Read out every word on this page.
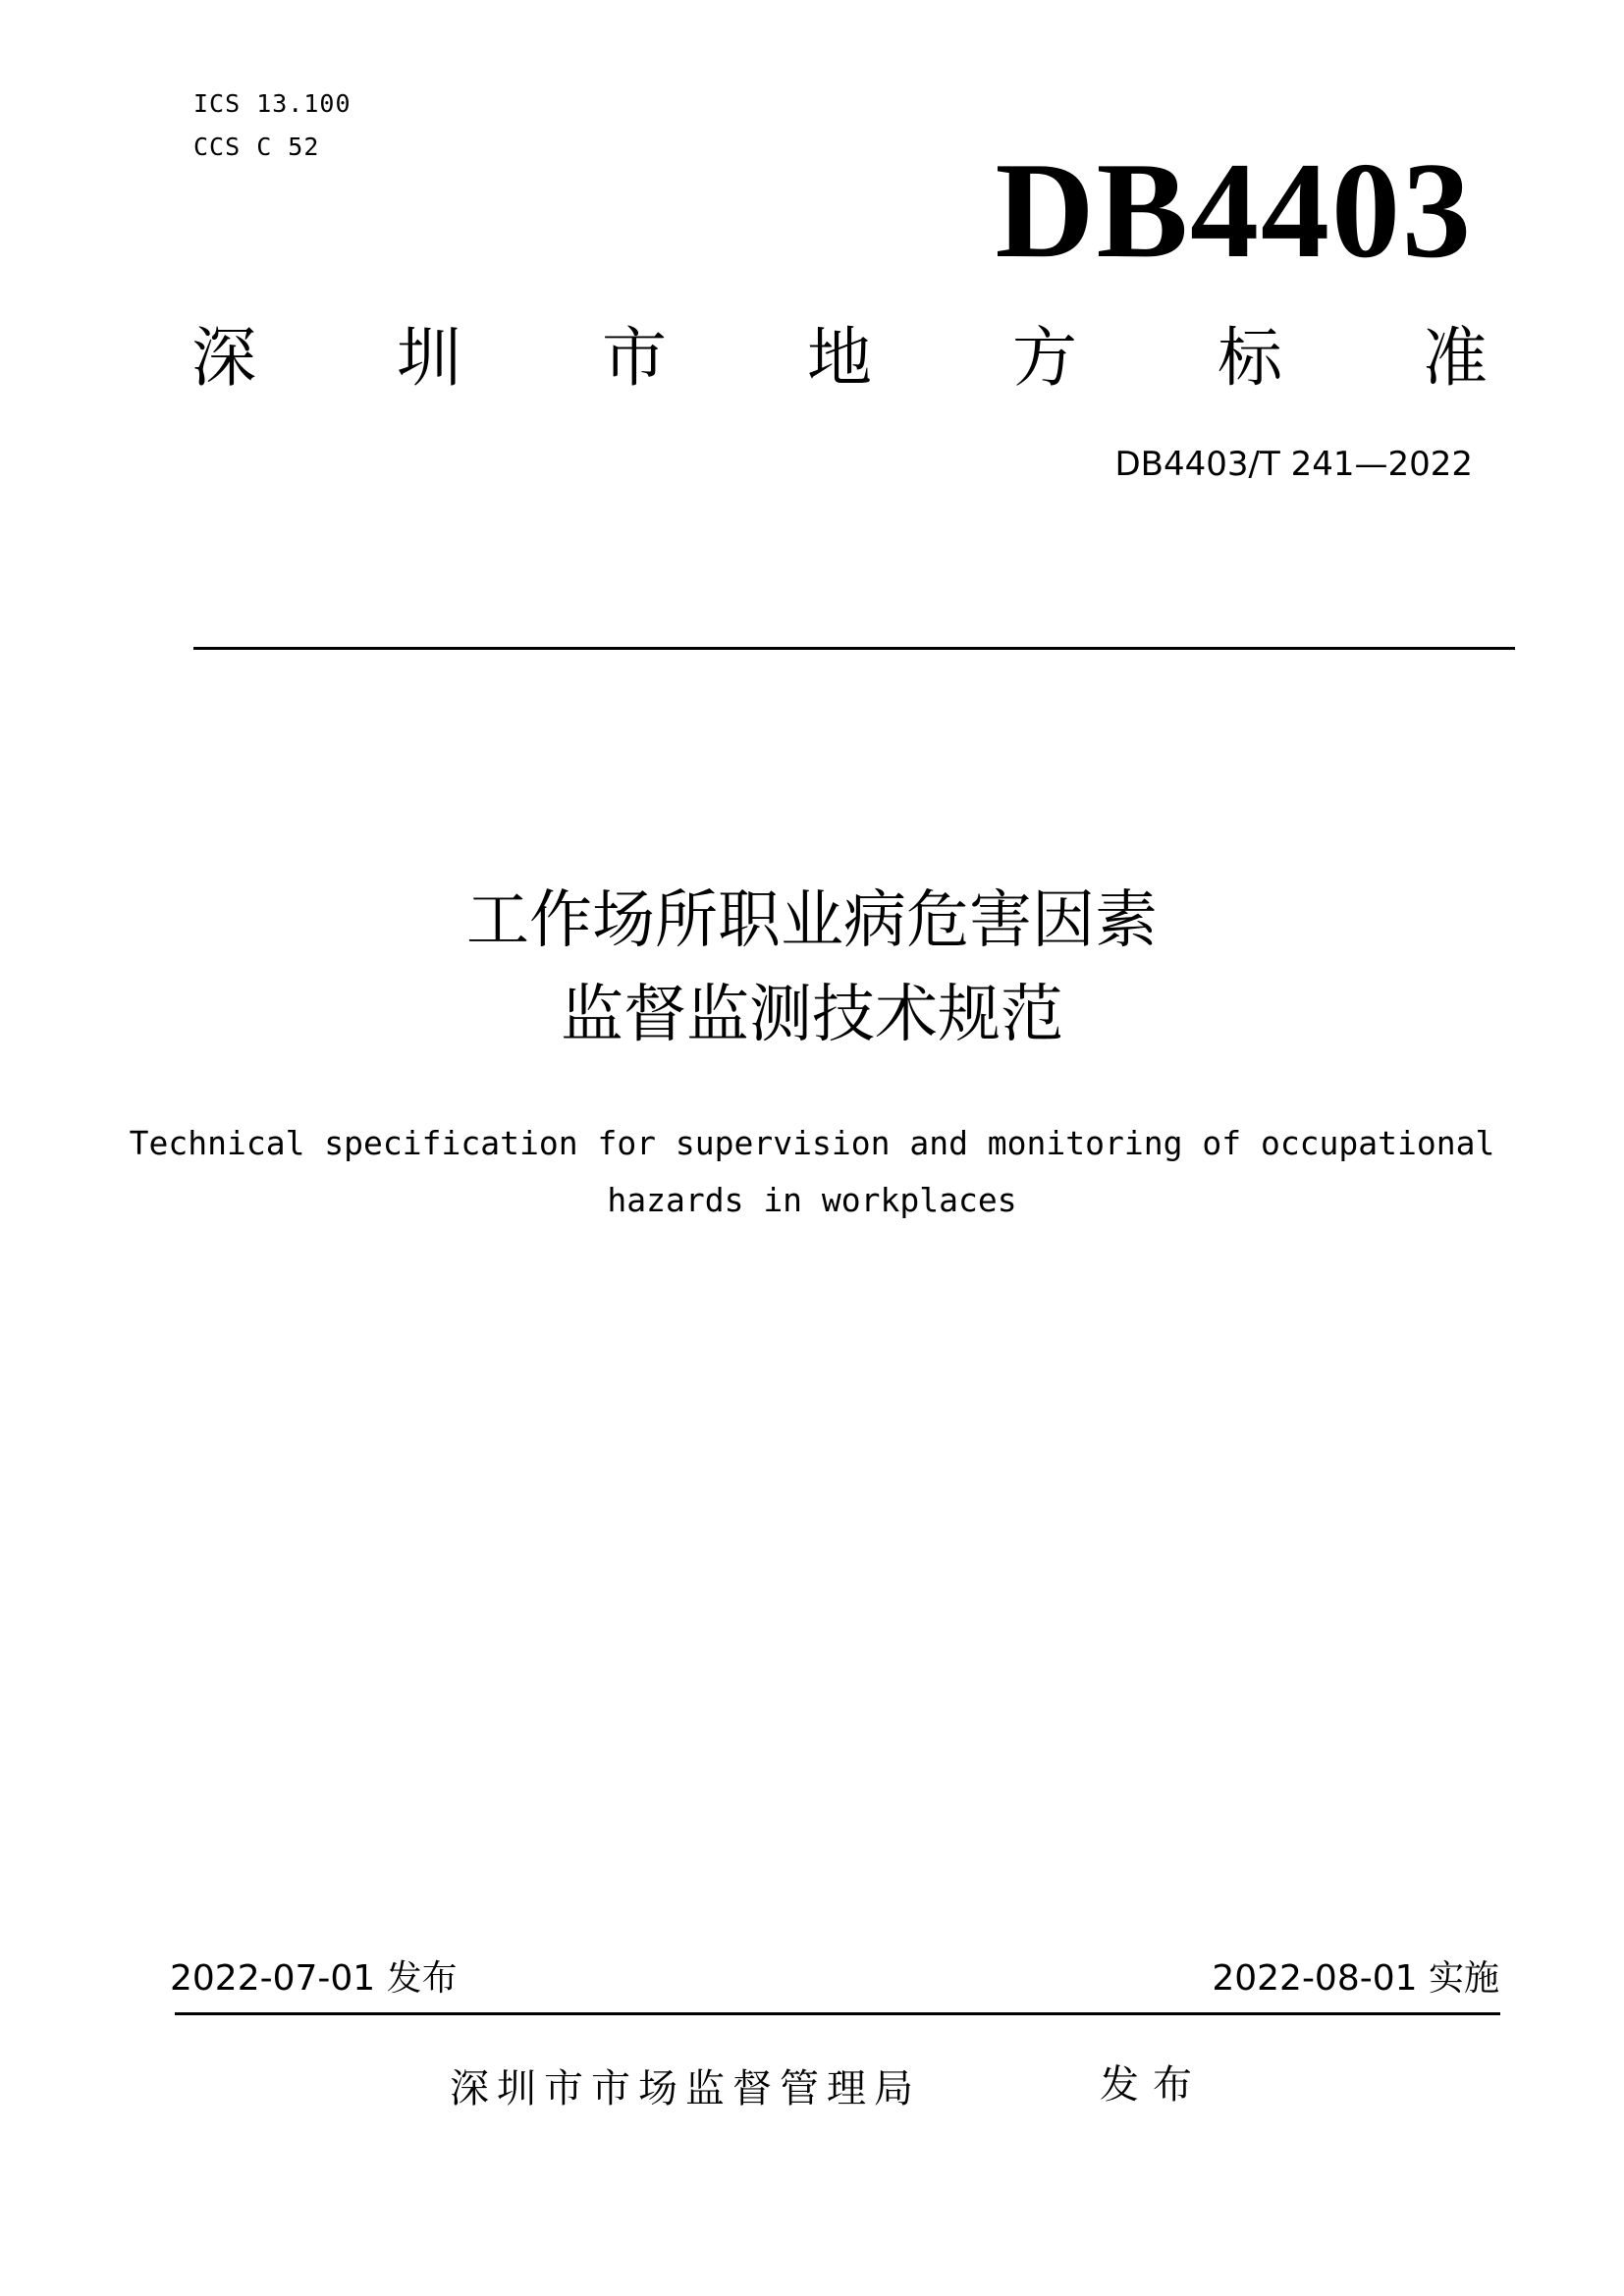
ICS 13.100
CCS C 52	DB4403
深 圳 市 地 方 标 准
DB4403/T 241—2022
工作场所职业病危害因素
监督监测技术规范
Technical specification for supervision and monitoring of occupational
hazards in workplaces
2022-07-01 发布	2022-08-01 实施
深圳市市场监督管理局	发布
